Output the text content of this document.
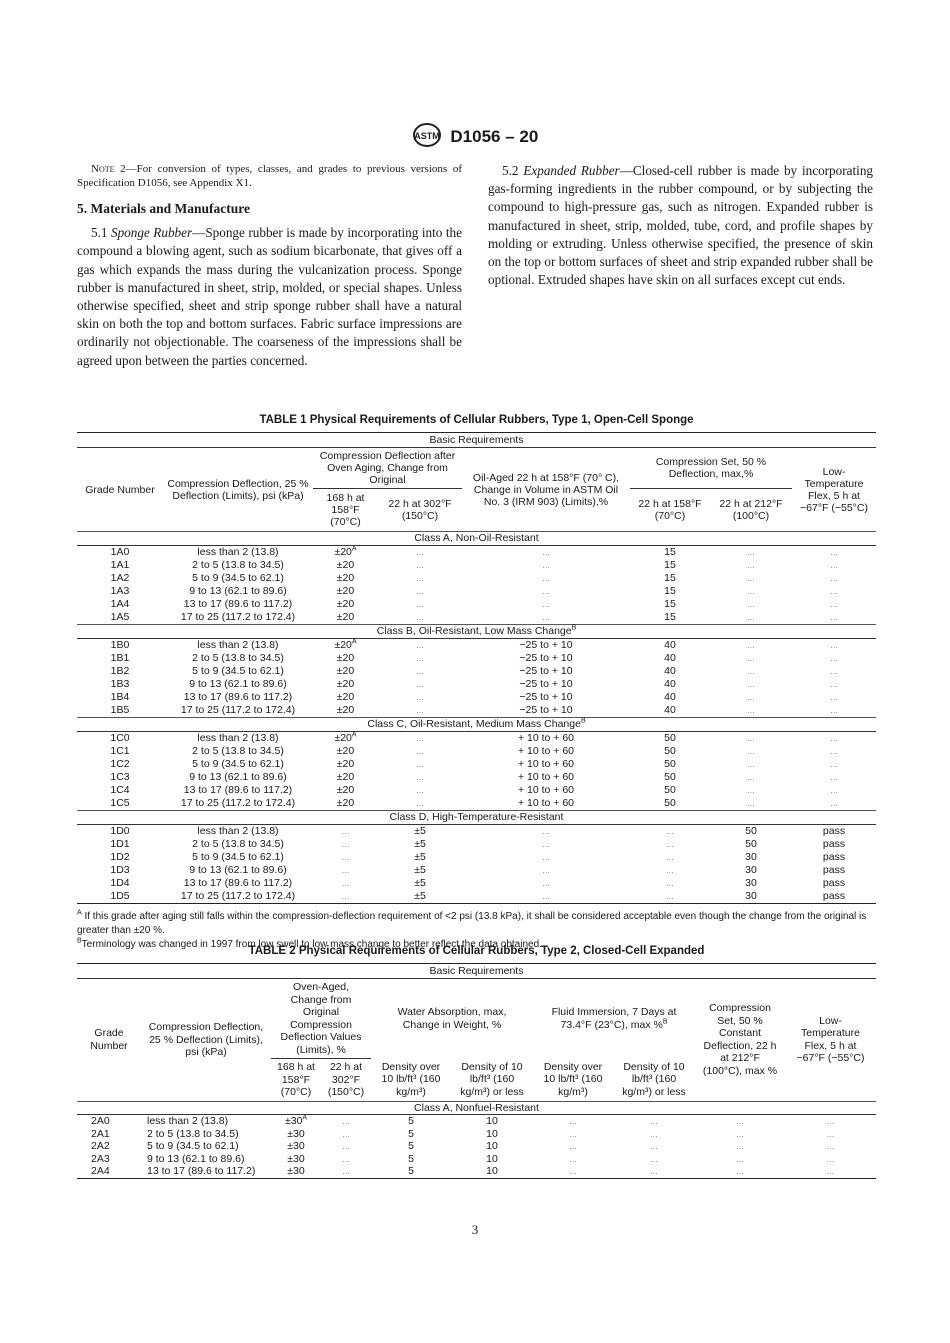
ASTM D1056 – 20

Note 2—For conversion of types, classes, and grades to previous versions of Specification D1056, see Appendix X1.

5. Materials and Manufacture

5.1 Sponge Rubber—Sponge rubber is made by incorporating into the compound a blowing agent, such as sodium bicarbonate, that gives off a gas which expands the mass during the vulcanization process. Sponge rubber is manufactured in sheet, strip, molded, or special shapes. Unless otherwise specified, sheet and strip sponge rubber shall have a natural skin on both the top and bottom surfaces. Fabric surface impressions are ordinarily not objectionable. The coarseness of the impressions shall be agreed upon between the parties concerned.

5.2 Expanded Rubber—Closed-cell rubber is made by incorporating gas-forming ingredients in the rubber compound, or by subjecting the compound to high-pressure gas, such as nitrogen. Expanded rubber is manufactured in sheet, strip, molded, tube, cord, and profile shapes by molding or extruding. Unless otherwise specified, the presence of skin on the top or bottom surfaces of sheet and strip expanded rubber shall be optional. Extruded shapes have skin on all surfaces except cut ends.

TABLE 1 Physical Requirements of Cellular Rubbers, Type 1, Open-Cell Sponge
Basic Requirements							
Grade Number	Compression Deflection, 25 % Deflection (Limits), psi (kPa)	Compression Deflection after Oven Aging, Change from Original		Oil-Aged 22 h at 158°F (70° C), Change in Volume in ASTM Oil No. 3 (IRM 903) (Limits),%	Compression Set, 50 % Deflection, max,%		Low-Temperature Flex, 5 h at −67°F (−55°C)
		168 h at 158°F (70°C)	22 h at 302°F (150°C)		22 h at 158°F (70°C)	22 h at 212°F (100°C)	
Class A, Non-Oil-Resistant							
1A0	less than 2 (13.8)	$\pm 20^A$	...	...	15	...	...
1A1	2 to 5 (13.8 to 34.5)	±20	...	...	15	...	...
1A2	5 to 9 (34.5 to 62.1)	±20	...	...	15	...	...
1A3	9 to 13 (62.1 to 89.6)	±20	...	...	15	...	...
1A4	13 to 17 (89.6 to 117.2)	±20	...	...	15	...	...
1A5	17 to 25 (117.2 to 172.4)	±20	...	...	15	...	...
Class B, Oil-Resistant, Low Mass Change$^B$
1B0	less than 2 (13.8)	$\pm 20^A$	...	−25 to + 10	40	...	...
1B1	2 to 5 (13.8 to 34.5)	±20	...	−25 to + 10	40	...	...
1B2	5 to 9 (34.5 to 62.1)	±20	...	−25 to + 10	40	...	...
1B3	9 to 13 (62.1 to 89.6)	±20	...	−25 to + 10	40	...	...
1B4	13 to 17 (89.6 to 117.2)	±20	...	−25 to + 10	40	...	...
1B5	17 to 25 (117.2 to 172.4)	±20	...	−25 to + 10	40	...	...
Class C, Oil-Resistant, Medium Mass Change$^B$
1C0	less than 2 (13.8)	$\pm 20^A$	...	+ 10 to + 60	50	...	...
1C1	2 to 5 (13.8 to 34.5)	±20	...	+ 10 to + 60	50	...	...
1C2	5 to 9 (34.5 to 62.1)	±20	...	+ 10 to + 60	50	...	...
1C3	9 to 13 (62.1 to 89.6)	±20	...	+ 10 to + 60	50	...	...
1C4	13 to 17 (89.6 to 117.2)	±20	...	+ 10 to + 60	50	...	...
1C5	17 to 25 (117.2 to 172.4)	±20	...	+ 10 to + 60	50	...	...
Class D, High-Temperature-Resistant							
1D0	less than 2 (13.8)	...	±5	...	...	50	pass
1D1	2 to 5 (13.8 to 34.5)	...	±5	...	...	50	pass
1D2	5 to 9 (34.5 to 62.1)	...	±5	...	...	30	pass
1D3	9 to 13 (62.1 to 89.6)	...	±5	...	...	30	pass
1D4	13 to 17 (89.6 to 117.2)	...	±5	...	...	30	pass
1D5	17 to 25 (117.2 to 172.4)	...	±5	...	...	30	pass
$^A$ If this grade after aging still falls within the compression-deflection requirement of <2 psi (13.8 kPa), it shall be considered acceptable even though the change from the original is greater than ±20 %.
$^B$Terminology was changed in 1997 from low swell to low mass change to better reflect the data obtained.
TABLE 2 Physical Requirements of Cellular Rubbers, Type 2, Closed-Cell Expanded
Basic Requirements									
Grade Number	Compression Deflection, 25 % Deflection (Limits), psi (kPa)	Oven-Aged, Change from Original Compression Deflection Values (Limits), %		Water Absorption, max, Change in Weight, %		Fluid Immersion, 7 Days at 73.4°F (23°C), max %$^B$		Compression Set, 50 % Constant Deflection, 22 h at 212°F (100°C), max %	Low-Temperature Flex, 5 h at −67°F (−55°C)
		168 h at 158°F (70°C)	22 h at 302°F (150°C)	Density over 10 lb/ft³ (160 kg/m³)	Density of 10 lb/ft³ (160 kg/m³) or less	Density over 10 lb/ft³ (160 kg/m³)	Density of 10 lb/ft³ (160 kg/m³) or less		
Class A, Nonfuel-Resistant									
2A0	less than 2 (13.8)	$\pm 30^A$	...	5	10	...	...	...	...
2A1	2 to 5 (13.8 to 34.5)	±30	...	5	10	...	...	...	...
2A2	5 to 9 (34.5 to 62.1)	±30	...	5	10	...	...	...	...
2A3	9 to 13 (62.1 to 89.6)	±30	...	5	10	...	...	...	...
2A4	13 to 17 (89.6 to 117.2)	±30	...	5	10	...	...	...	...
3
